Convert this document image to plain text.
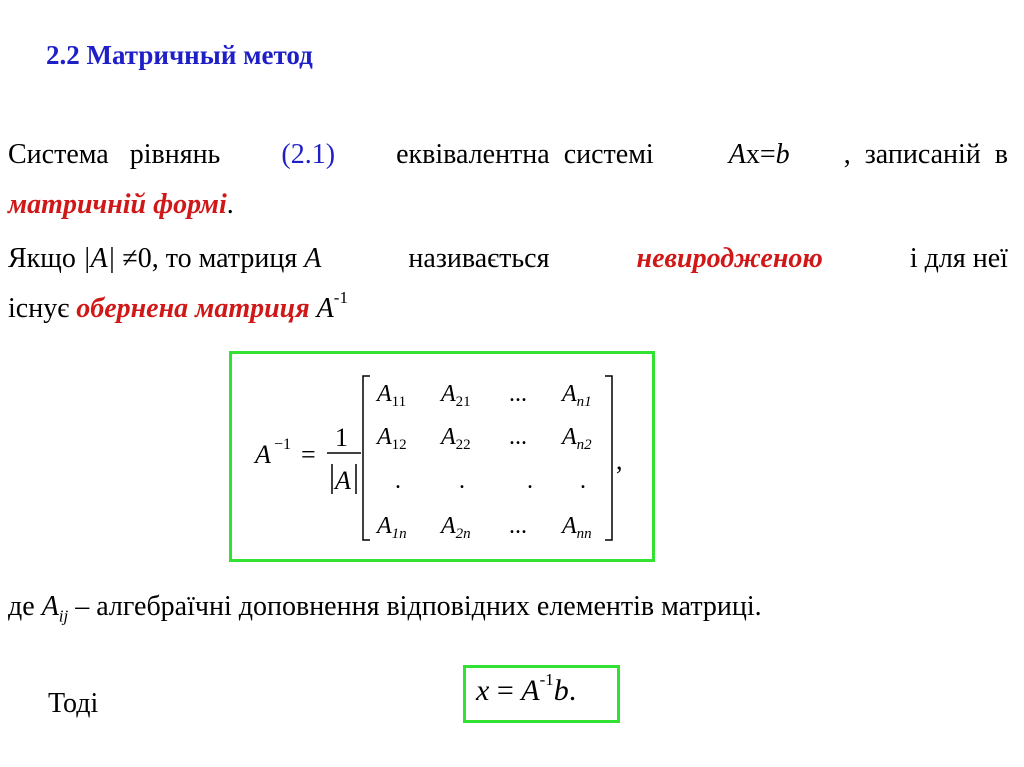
2.2 Матричный метод
Система   рівнянь (2.1) еквівалентна  системі Ax=b ,  записаній  в
матричній формі.
Якщо |A| ≠0, то матриця A	називається	невиродженою	і для неї
існує обернена матриця $A^{-1}$
A −1 =
1
A
$A_{11}$ $A_{21}$ ... $A_{n1}$
$A_{12}$ $A_{22}$ ... $A_{n2}$
. .	. .
$A_{1n}$ $A_{2n}$ ... $A_{nn}$
,
де $A_{ij}$ – алгебраїчні доповнення відповідних елементів матриці.
Тоді	$x = A^{-1}b$.
